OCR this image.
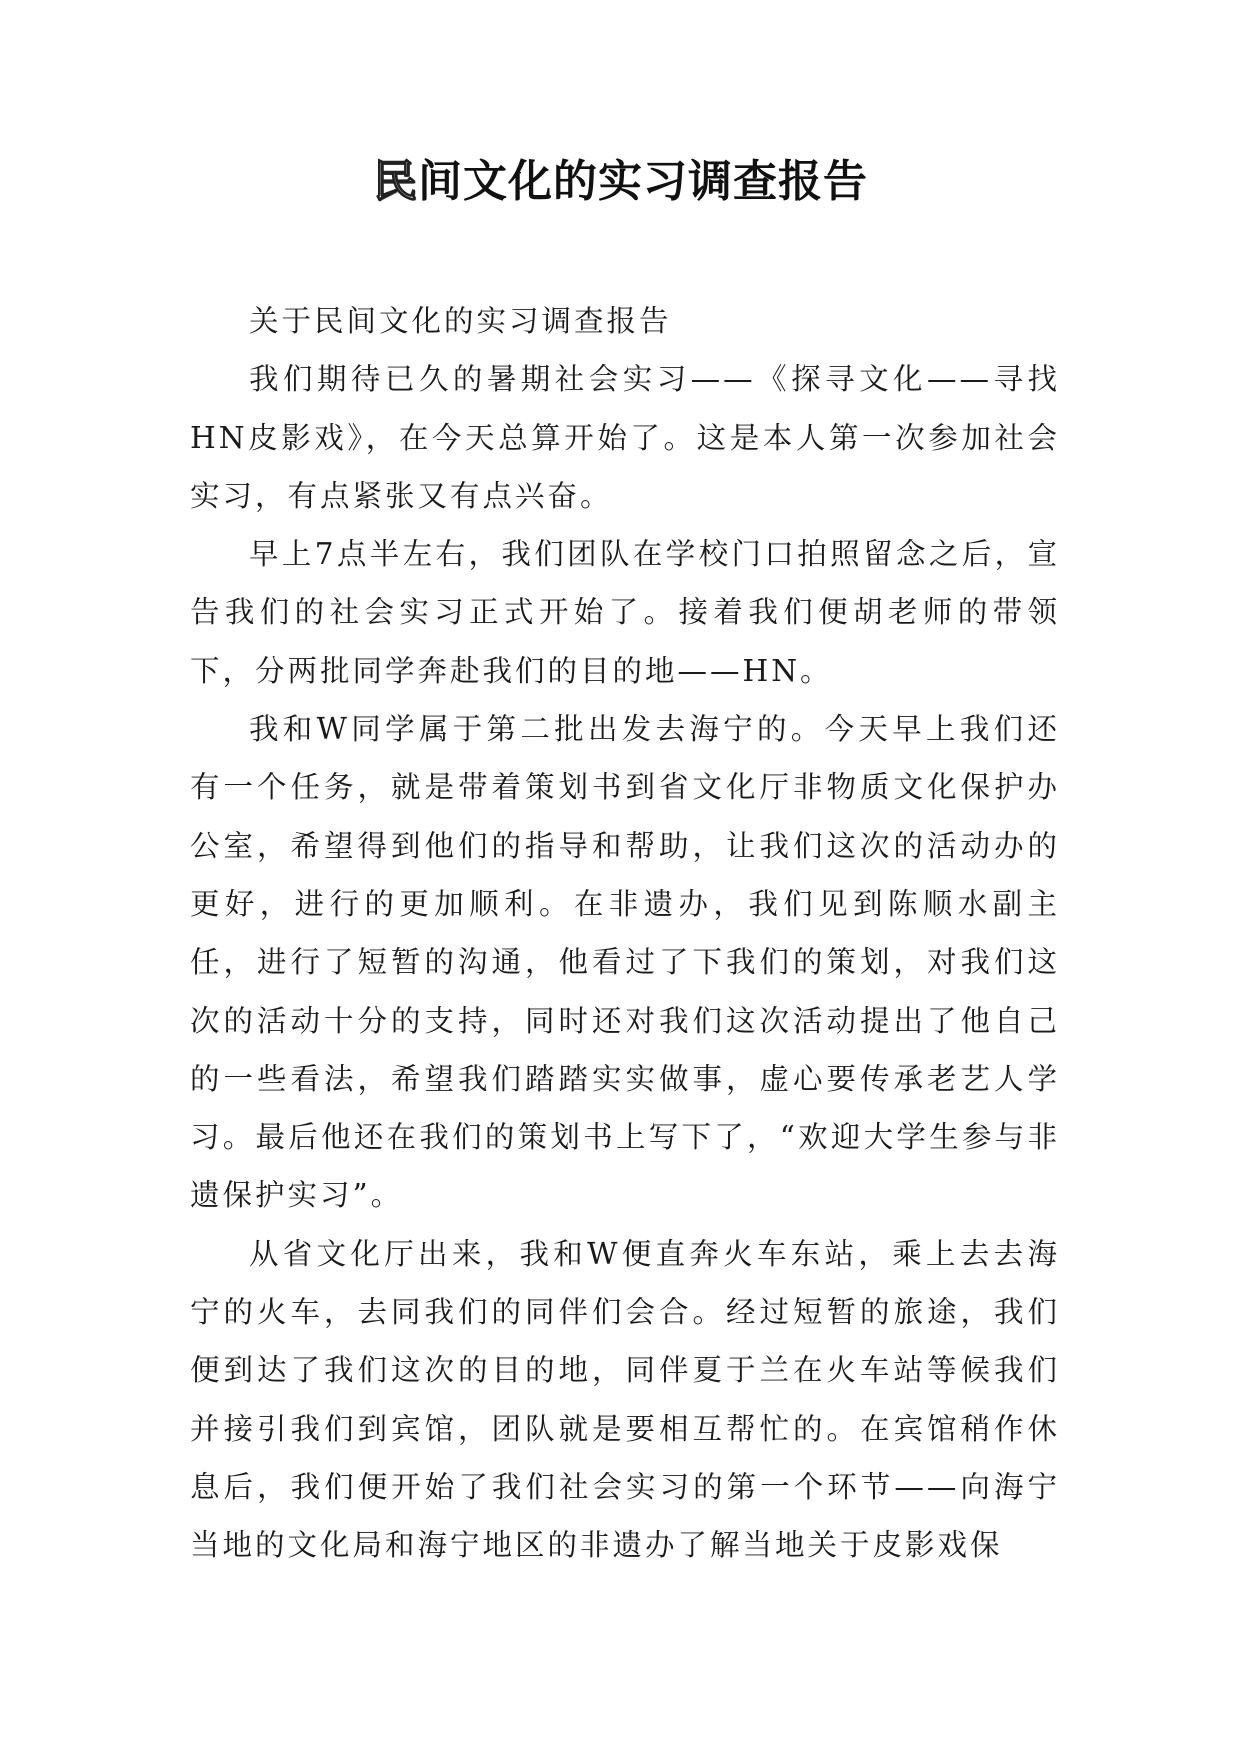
民间文化的实习调查报告

关于民间文化的实习调查报告

我们期待已久的暑期社会实习——《探寻文化——寻找HN皮影戏》，在今天总算开始了。这是本人第一次参加社会实习，有点紧张又有点兴奋。

早上7点半左右，我们团队在学校门口拍照留念之后，宣告我们的社会实习正式开始了。接着我们便胡老师的带领下，分两批同学奔赴我们的目的地——HN。

我和W同学属于第二批出发去海宁的。今天早上我们还有一个任务，就是带着策划书到省文化厅非物质文化保护办公室，希望得到他们的指导和帮助，让我们这次的活动办的更好，进行的更加顺利。在非遗办，我们见到陈顺水副主任，进行了短暂的沟通，他看过了下我们的策划，对我们这次的活动十分的支持，同时还对我们这次活动提出了他自己的一些看法，希望我们踏踏实实做事，虚心要传承老艺人学习。最后他还在我们的策划书上写下了，“欢迎大学生参与非遗保护实习”。

从省文化厅出来，我和W便直奔火车东站，乘上去去海宁的火车，去同我们的同伴们会合。经过短暂的旅途，我们便到达了我们这次的目的地，同伴夏于兰在火车站等候我们并接引我们到宾馆，团队就是要相互帮忙的。在宾馆稍作休息后，我们便开始了我们社会实习的第一个环节——向海宁当地的文化局和海宁地区的非遗办了解当地关于皮影戏保
